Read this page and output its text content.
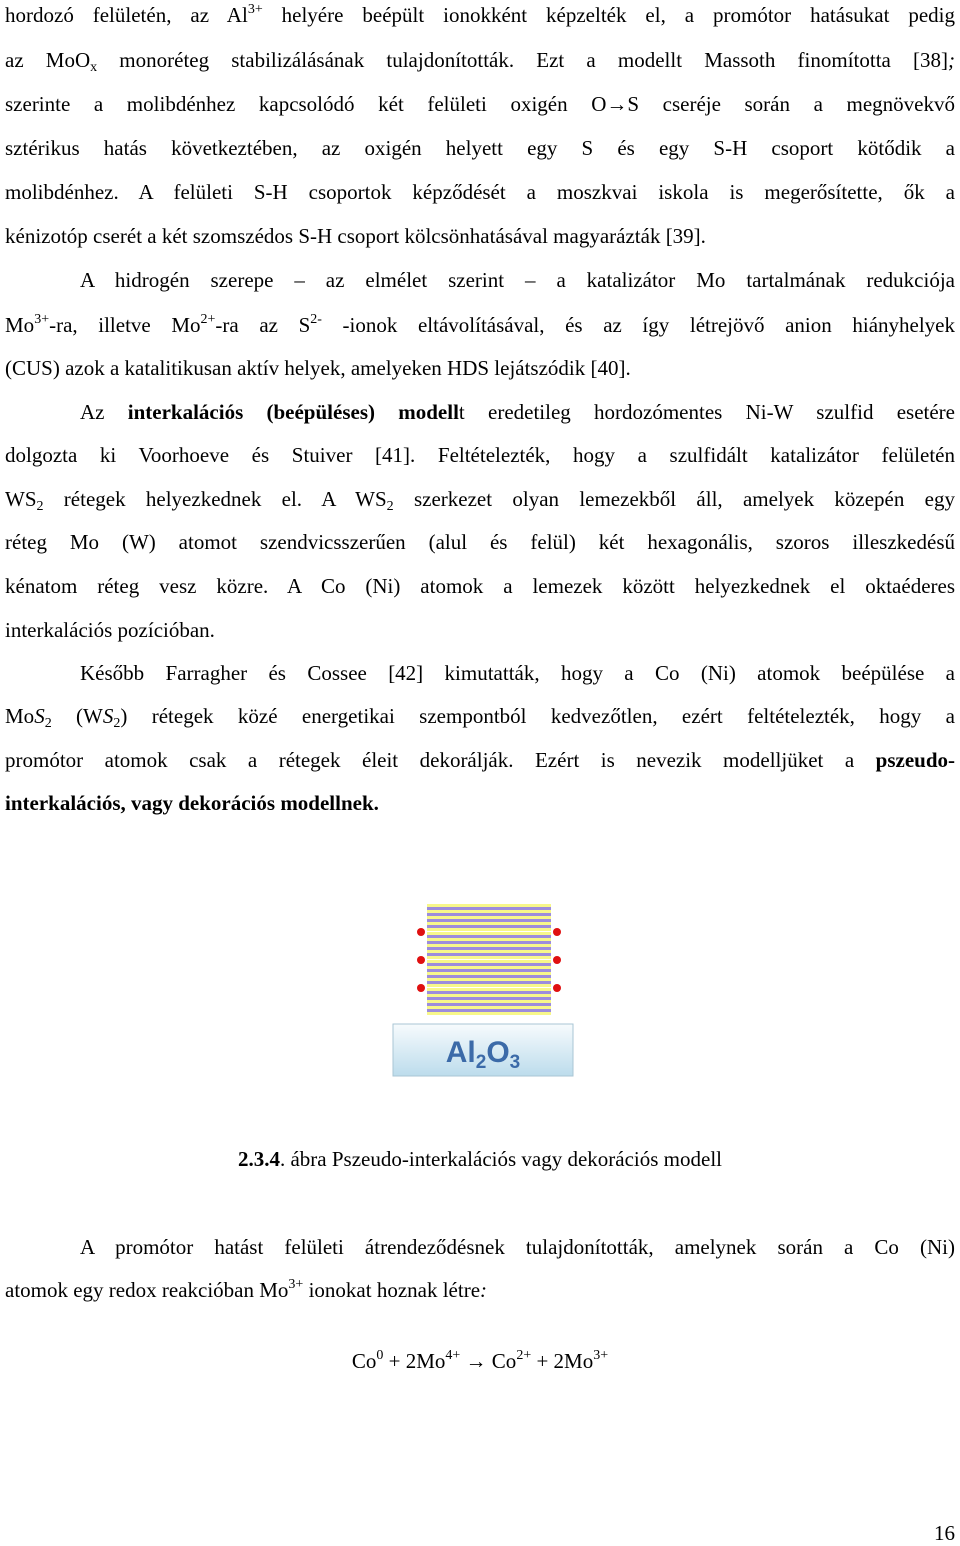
hordozó felületén, az $Al^{3+}$ helyére beépült ionokként képzelték el, a promótor hatásukat pedig
az MoO$_x$ monoréteg stabilizálásának tulajdonították. Ezt a modellt Massoth finomította [38];
szerinte a molibdénhez kapcsolódó két felületi oxigén O→S cseréje során a megnövekvő
sztérikus hatás következtében, az oxigén helyett egy S és egy S-H csoport kötődik a
molibdénhez. A felületi S-H csoportok képződését a moszkvai iskola is megerősítette, ők a
kénizotóp cserét a két szomszédos S-H csoport kölcsönhatásával magyarázták [39].
A hidrogén szerepe – az elmélet szerint – a katalizátor Mo tartalmának redukciója
$Mo^{3+}-ra$, illetve $Mo^{2+}-ra$ az $S^{2-}$ -ionok eltávolításával, és az így létrejövő anion hiányhelyek
(CUS) azok a katalitikusan aktív helyek, amelyeken HDS lejátszódik [40].
Az interkalációs (beépüléses) modellt eredetileg hordozómentes Ni-W szulfid esetére
dolgozta ki Voorhoeve és Stuiver [41]. Feltételezték, hogy a szulfidált katalizátor felületén
$WS_2$ rétegek helyezkednek el. A $WS_2$ szerkezet olyan lemezekből áll, amelyek közepén egy
réteg Mo (W) atomot szendvicsszerűen (alul és felül) két hexagonális, szoros illeszkedésű
kénatom réteg vesz közre. A Co (Ni) atomok a lemezek között helyezkednek el oktaéderes
interkalációs pozícióban.
Később Farragher és Cossee [42] kimutatták, hogy a Co (Ni) atomok beépülése a
MoS$_2$ $(WS_2)$ rétegek közé energetikai szempontból kedvezőtlen, ezért feltételezték, hogy a
promótor atomok csak a rétegek éleit dekorálják. Ezért is nevezik modelljüket a pszeudo-
interkalációs, vagy dekorációs modellnek.
A promótor hatást felületi átrendeződésnek tulajdonították, amelynek során a Co (Ni)
atomok egy redox reakcióban $Mo^{3+}$ ionokat hoznak létre:
$Al_2O_3$
2.3.4. ábra Pszeudo-interkalációs vagy dekorációs modell
$Co^0 + 2Mo^{4+} \to Co^{2+} + 2Mo^{3+}$
16
